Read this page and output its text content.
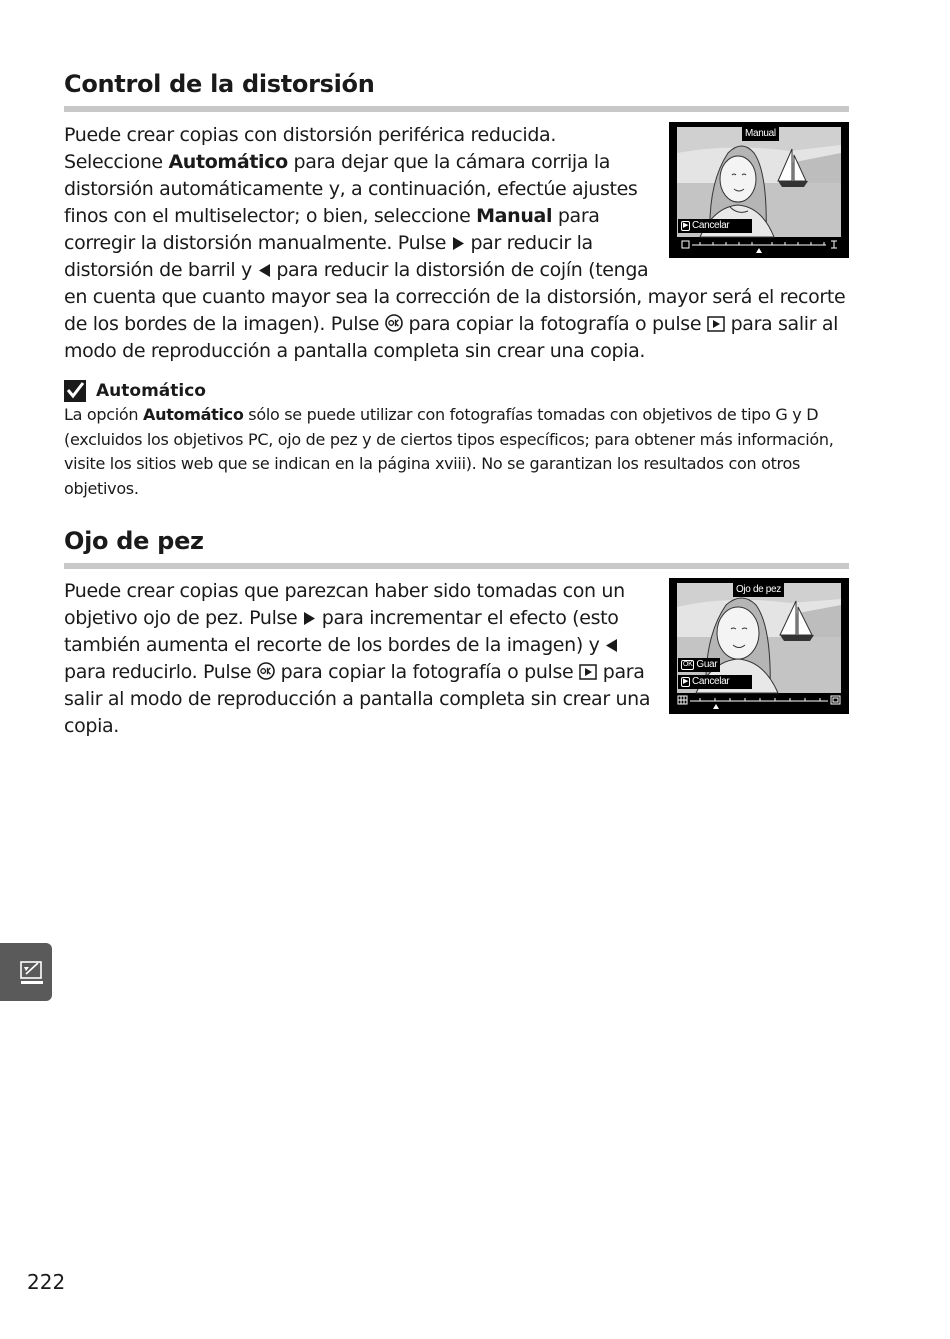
Control de la distorsión

Manual
▶ Cancelar
Puede crear copias con distorsión periférica reducida. Seleccione Automático para dejar que la cámara corrija la distorsión automáticamente y, a continuación, efectúe ajustes finos con el multiselector; o bien, seleccione Manual para corregir la distorsión manualmente. Pulse  par reducir la distorsión de barril y  para reducir la distorsión de cojín (tenga en cuenta que cuanto mayor sea la corrección de la distorsión, mayor será el recorte de los bordes de la imagen). Pulse  para copiar la fotografía o pulse  para salir al modo de reproducción a pantalla completa sin crear una copia.

Automático

La opción Automático sólo se puede utilizar con fotografías tomadas con objetivos de tipo G y D (excluidos los objetivos PC, ojo de pez y de ciertos tipos específicos; para obtener más información, visite los sitios web que se indican en la página xviii). No se garantizan los resultados con otros objetivos.

Ojo de pez

Ojo de pez
OK Guar
▶ Cancelar
Puede crear copias que parezcan haber sido tomadas con un objetivo ojo de pez. Pulse  para incrementar el efecto (esto también aumenta el recorte de los bordes de la imagen) y  para reducirlo. Pulse  para copiar la fotografía o pulse  para salir al modo de reproducción a pantalla completa sin crear una copia.

222
